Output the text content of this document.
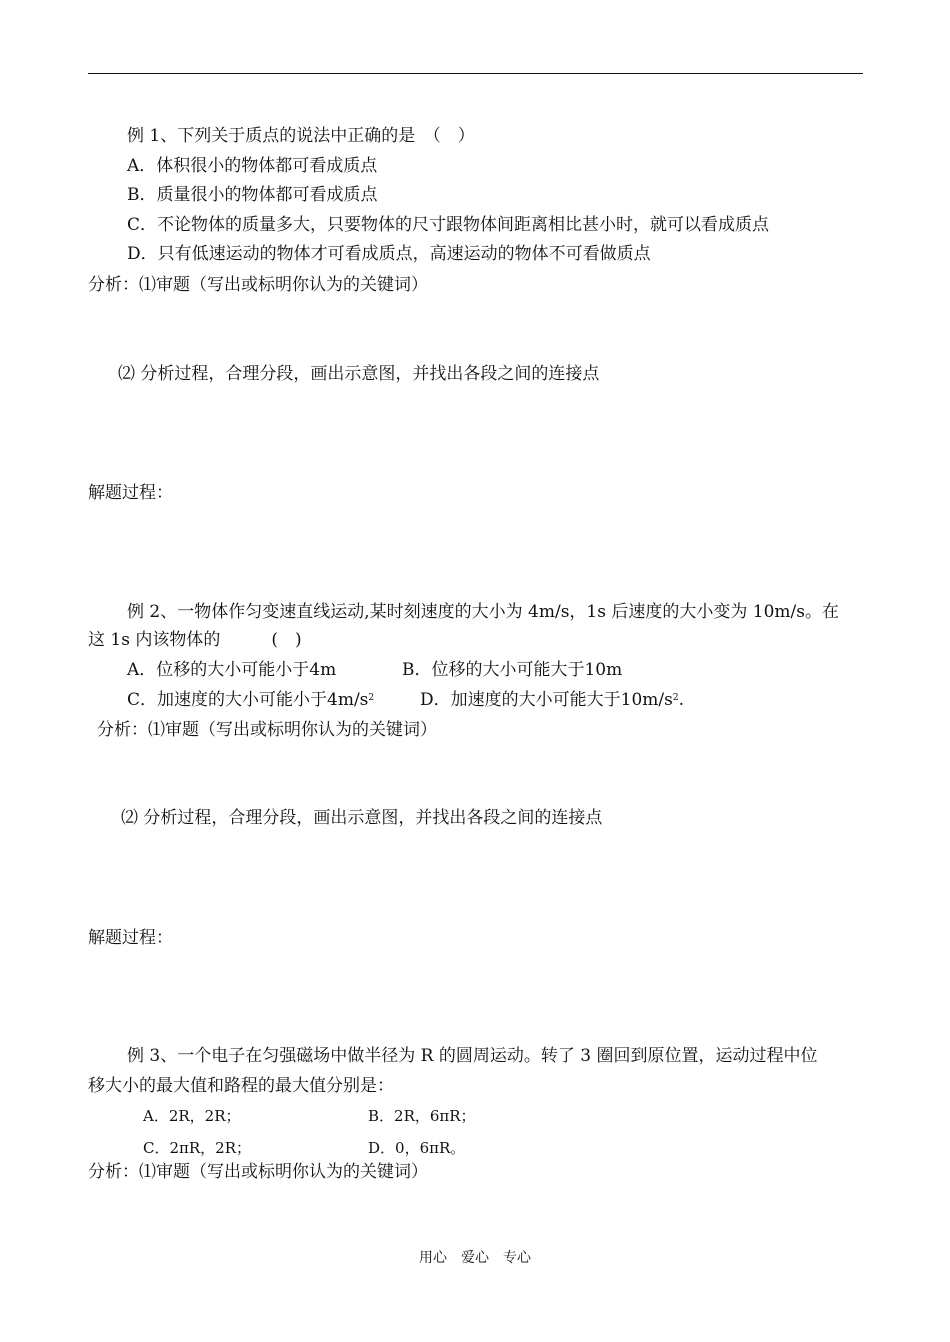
例 1、下列关于质点的说法中正确的是　（　）
A．体积很小的物体都可看成质点
B．质量很小的物体都可看成质点
C．不论物体的质量多大，只要物体的尺寸跟物体间距离相比甚小时，就可以看成质点
D．只有低速运动的物体才可看成质点，高速运动的物体不可看做质点
分析：⑴审题（写出或标明你认为的关键词）
⑵ 分析过程，合理分段，画出示意图，并找出各段之间的连接点
解题过程：
例 2、一物体作匀变速直线运动,某时刻速度的大小为 4m/s，1s 后速度的大小变为 10m/s。在
这 1s 内该物体的　　　(　)
A．位移的大小可能小于4m	B．位移的大小可能大于10m
C．加速度的大小可能小于$4m/s^2$	D．加速度的大小可能大于$10m/s^2$.
分析：⑴审题（写出或标明你认为的关键词）
⑵ 分析过程，合理分段，画出示意图，并找出各段之间的连接点
解题过程：
例 3、一个电子在匀强磁场中做半径为 R 的圆周运动。转了 3 圈回到原位置，运动过程中位
移大小的最大值和路程的最大值分别是：
A．2R，2R；	B．2R，6πR；
C．2πR，2R；	D．0，6πR。
分析：⑴审题（写出或标明你认为的关键词）
用心　爱心　专心
